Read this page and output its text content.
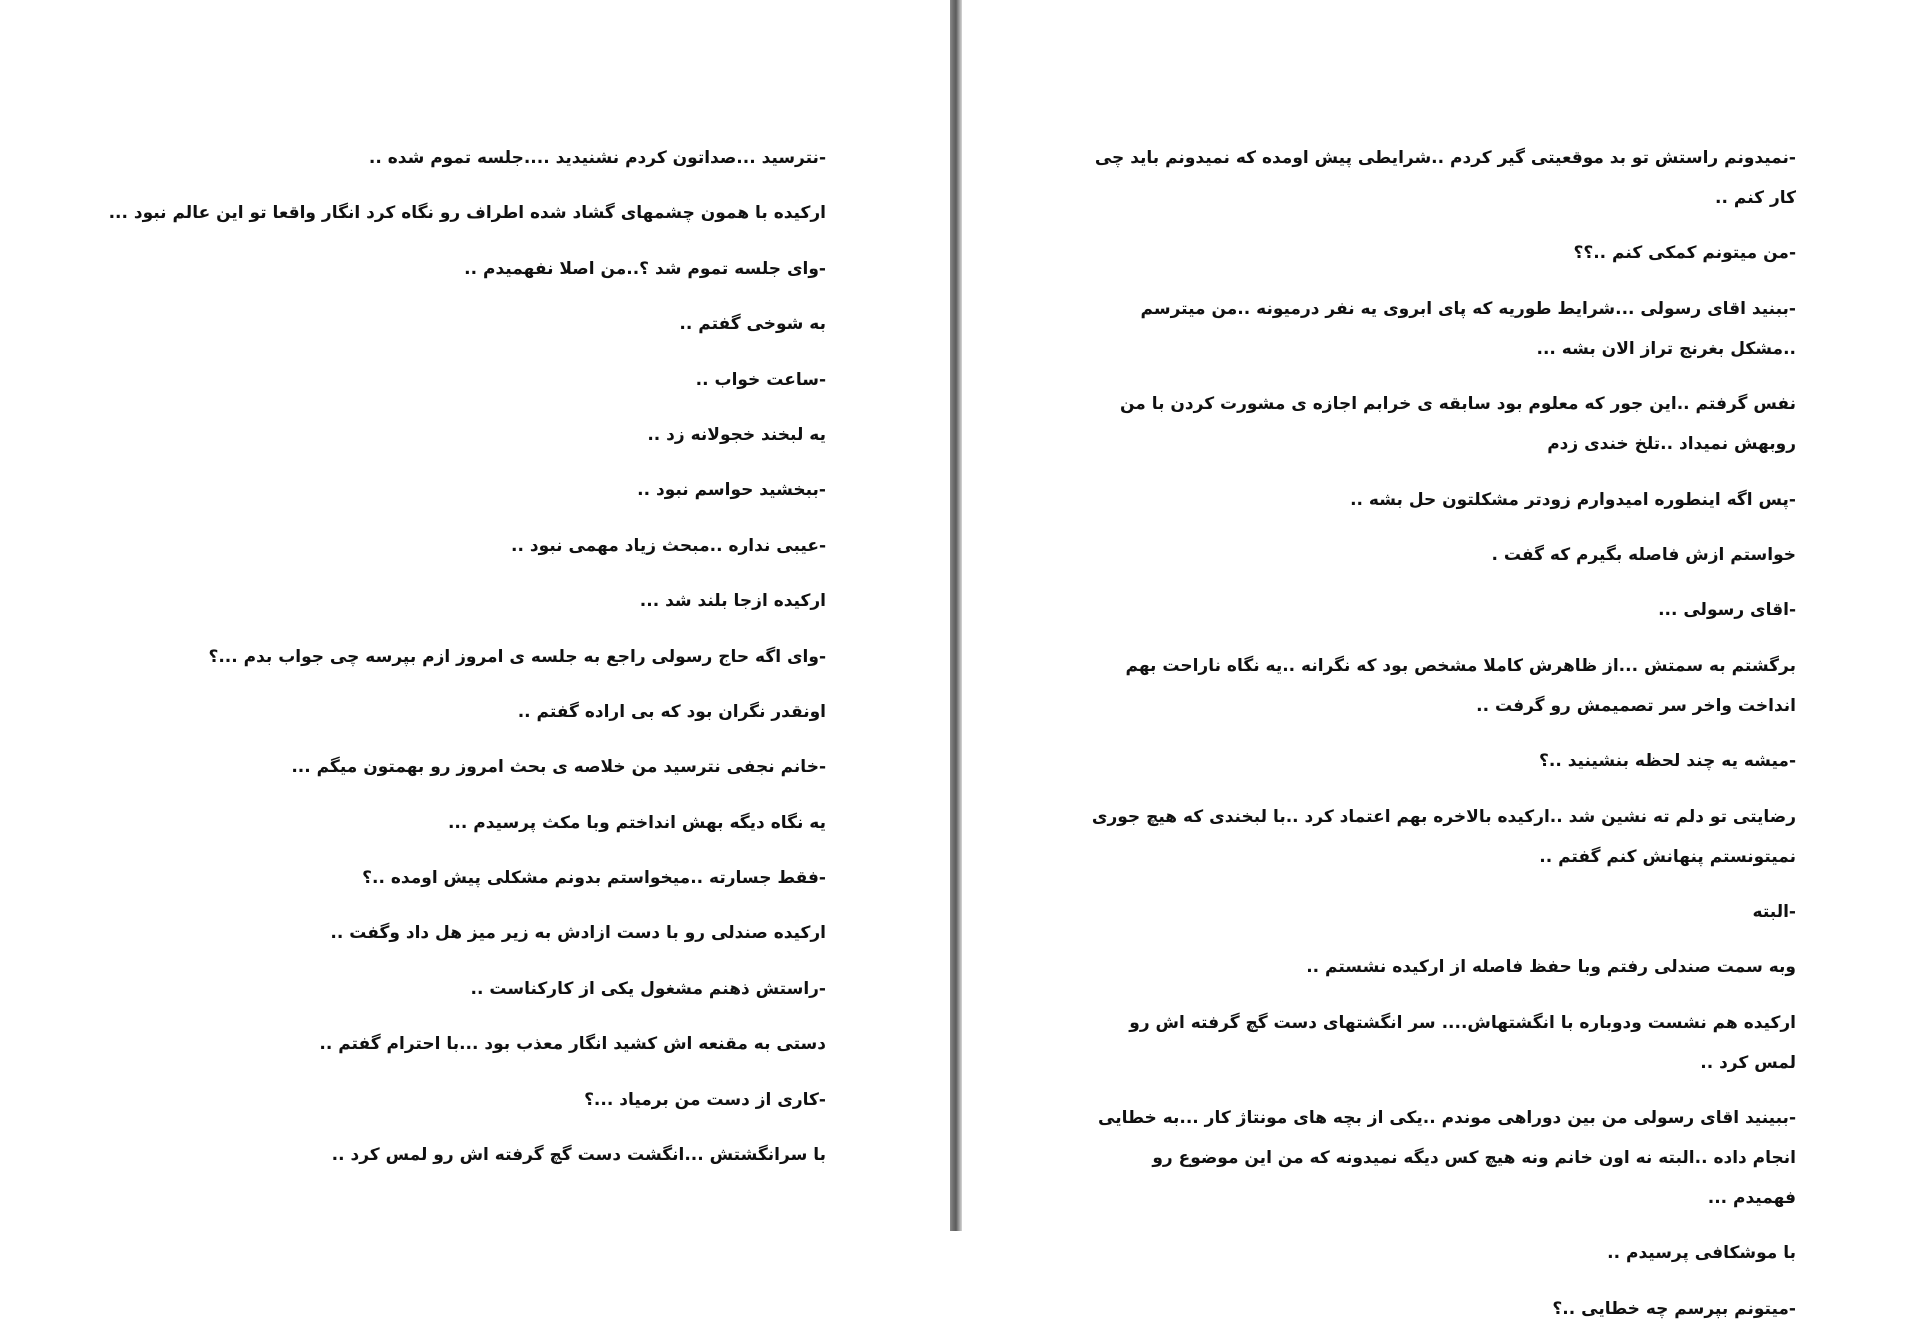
-نترسید ...صداتون کردم نشنیدید ....جلسه تموم شده ..

ارکیده با همون چشمهای گشاد شده اطراف رو نگاه کرد انگار واقعا تو این عالم نبود ...

-وای جلسه تموم شد ؟..من اصلا نفهمیدم ..

به شوخی گفتم ..

-ساعت خواب ..

یه لبخند خجولانه زد ..

-ببخشید حواسم نبود ..

-عیبی نداره ..مبحث زیاد مهمی نبود ..

ارکیده ازجا بلند شد ...

-وای اگه حاج رسولی راجع به جلسه ی امروز ازم بپرسه چی جواب بدم ...؟

اونقدر نگران بود که بی اراده گفتم ..

-خانم نجفی نترسید من خلاصه ی بحث امروز رو بهمتون میگم ...

یه نگاه دیگه بهش انداختم وبا مکث پرسیدم ...

-فقط جسارته ..میخواستم بدونم مشکلی پیش اومده ..؟

ارکیده صندلی رو با دست ازادش به زیر میز هل داد وگفت ..

-راستش ذهنم مشغول یکی از کارکناست ..

دستی به مقنعه اش کشید انگار معذب بود ...با احترام گفتم ..

-کاری از دست من برمیاد ...؟

با سرانگشتش ...انگشت دست گچ گرفته اش رو لمس کرد ..

-نمیدونم راستش تو بد موقعیتی گیر کردم ..شرایطی پیش اومده که نمیدونم باید چی کار کنم ..

-من میتونم کمکی کنم ..؟؟

-ببنید اقای رسولی ...شرایط طوریه که پای ابروی یه نفر درمیونه ..من میترسم ..مشکل بغرنج تراز الان بشه ...

نفس گرفتم ..این جور که معلوم بود سابقه ی خرابم اجازه ی مشورت کردن با من روبهش نمیداد ..تلخ خندی زدم

-پس اگه اینطوره امیدوارم زودتر مشکلتون حل بشه ..

خواستم ازش فاصله بگیرم که گفت .

-اقای رسولی ...

برگشتم به سمتش ...از ظاهرش کاملا مشخص بود که نگرانه ..یه نگاه ناراحت بهم انداخت واخر سر تصمیمش رو گرفت ..

-میشه یه چند لحظه بنشینید ..؟

رضایتی تو دلم ته نشین شد ..ارکیده بالاخره بهم اعتماد کرد ..با لبخندی که هیچ جوری نمیتونستم پنهانش کنم گفتم ..

-البته

وبه سمت صندلی رفتم وبا حفظ فاصله از ارکیده نشستم ..

ارکیده هم نشست ودوباره با انگشتهاش.... سر انگشتهای دست گچ گرفته اش رو لمس کرد ..

-ببینید اقای رسولی من بین دوراهی موندم ..یکی از بچه های مونتاژ کار ...به خطایی انجام داده ..البته نه اون خانم ونه هیچ کس دیگه نمیدونه که من این موضوع رو فهمیدم ...

با موشکافی پرسیدم ..

-میتونم بپرسم چه خطایی ..؟
